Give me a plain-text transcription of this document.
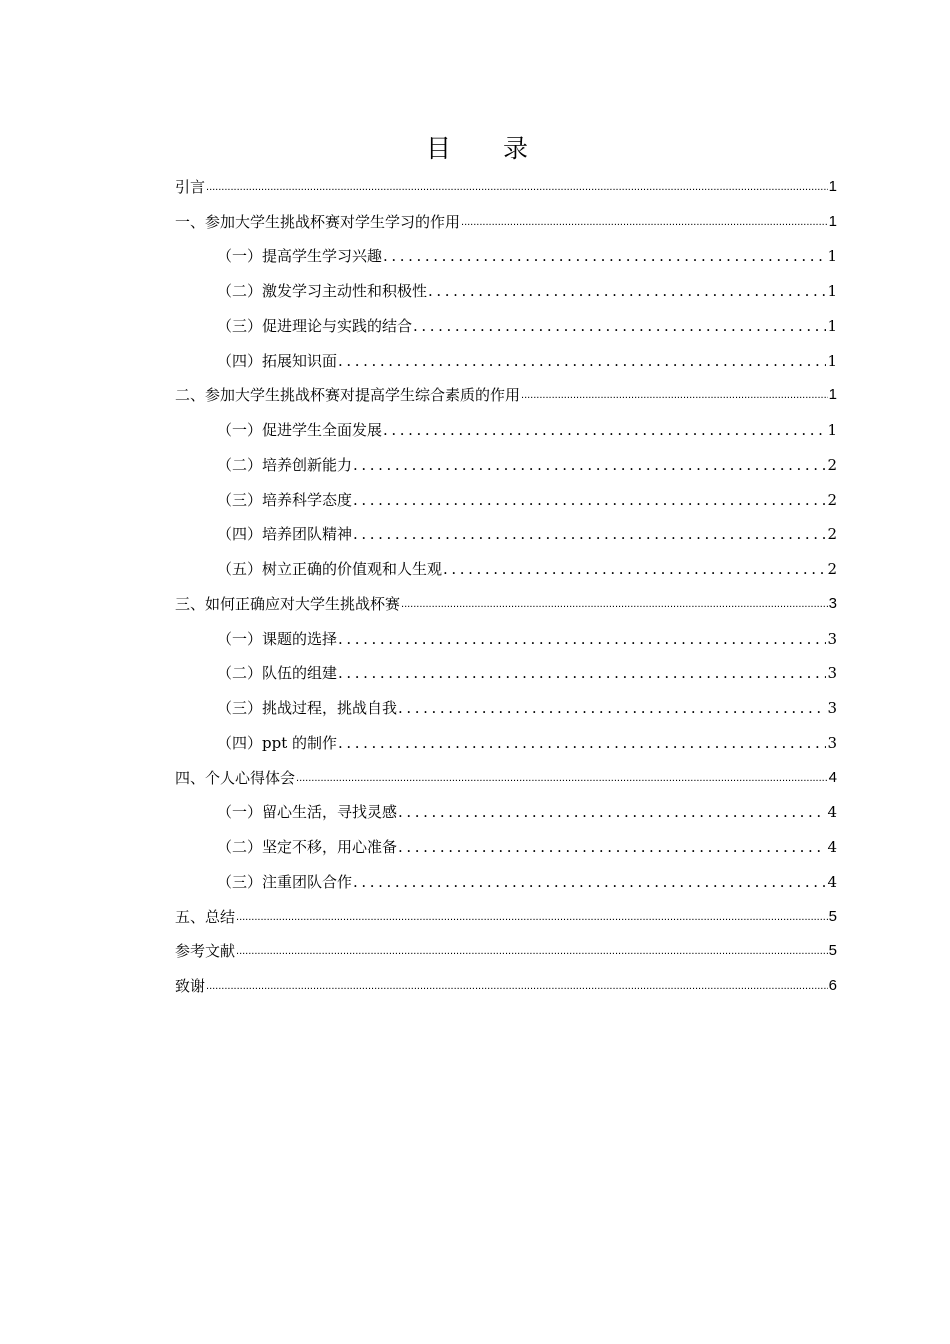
目 录
引言 .....	1
一、参加大学生挑战杯赛对学生学习的作用 .....	1
（一）提高学生学习兴趣 .....	1
（二）激发学习主动性和积极性 .....	1
（三）促进理论与实践的结合 .....	1
（四）拓展知识面 .....	1
二、参加大学生挑战杯赛对提高学生综合素质的作用 .....	1
（一）促进学生全面发展 .....	1
（二）培养创新能力 .....	2
（三）培养科学态度 .....	2
（四）培养团队精神 .....	2
（五）树立正确的价值观和人生观 .....	2
三、如何正确应对大学生挑战杯赛 .....	3
（一）课题的选择 .....	3
（二）队伍的组建 .....	3
（三）挑战过程，挑战自我 .....	3
（四）ppt 的制作 .....	3
四、个人心得体会 .....	4
（一）留心生活，寻找灵感 .....	4
（二）坚定不移，用心准备 .....	4
（三）注重团队合作 .....	4
五、总结 .....	5
参考文献 .....	5
致谢 .....	6
